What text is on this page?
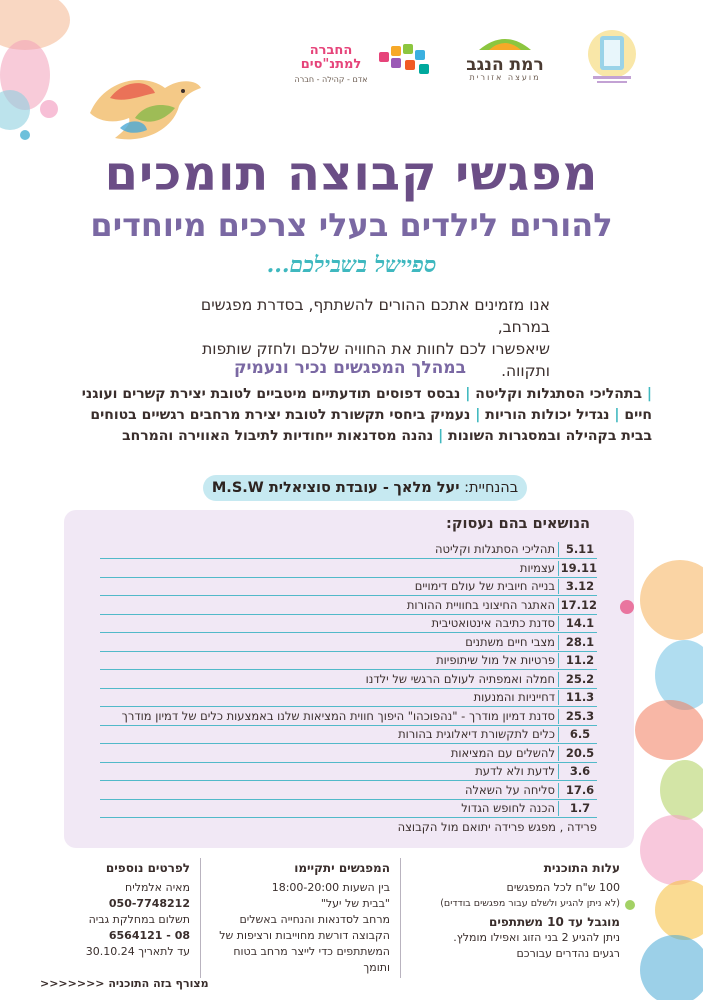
החברה למתנ"סים
אדם - קהילה - חברה
רמת הנגב
מועצה אזורית
מפגשי קבוצה תומכים
להורים לילדים בעלי צרכים מיוחדים
ספיישל בשבילכם...
אנו מזמינים אתכם ההורים להשתתף, בסדרת מפגשים במרחב,
שיאפשרו לכם לחוות את החוויה שלכם ולחזק שותפות ותקווה.
במהלך המפגשים נכיר ונעמיק
| בתהליכי הסתגלות וקליטה | נבסס דפוסים תודעתיים מיטביים לטובת יצירת קשרים ועוגני
חיים | נגדיל יכולות הוריות | נעמיק ביחסי תקשורת לטובת יצירת מרחבים רגשיים בטוחים
בבית בקהילה ובמסגרות השונות | נהנה מסדנאות ייחודיות לתיבול האווירה והמרחב
בהנחיית: יעל מלאך - עובדת סוציאלית M.S.W
הנושאים בהם נעסוק:
5.11
תהליכי הסתגלות וקליטה
19.11
עצמיות
3.12
בנייה חיובית של עולם דימויים
17.12
האתגר החיצוני בחוויית ההורות
14.1
סדנת כתיבה אינטואטיבית
28.1
מצבי חיים משתנים
11.2
פרטיות אל מול שיתופיות
25.2
חמלה ואמפתיה לעולם הרגשי של ילדנו
11.3
דחייניות והמנעות
25.3
סדנת דמיון מודרך - "נהפוכהו" היפוך חווית המציאות שלנו באמצעות כלים של דמיון מודרך
6.5
כלים לתקשורת דיאלוגית בהורות
20.5
להשלים עם המציאות
3.6
לדעת ולא לדעת
17.6
סליחה על השאלה
1.7
הכנה לחופש הגדול
פרידה , מפגש פרידה יתואם מול הקבוצה
עלות התוכנית
100 ש"ח לכל המפגשים
(לא ניתן להגיע ולשלם עבור מפגשים בודדים)
מוגבל עד 10 משתתפים
ניתן להגיע 2 בני הזוג ואפילו מומלץ.
רגעים נהדרים עבורכם
המפגשים יתקיימו
בין השעות 18:00-20:00
"בבית של יעל"
מרחב לסדנאות והנחייה באשלים
הקבוצה דורשת מחוייבות ורציפות של
המשתתפים כדי לייצר מרחב בטוח ותומך
לפרטים נוספים
מאיה אלמליח
050-7748212
תשלום במחלקת גביה
08 - 6564121
עד לתאריך 30.10.24
>>>>>>> מצורף בזה התוכניה
